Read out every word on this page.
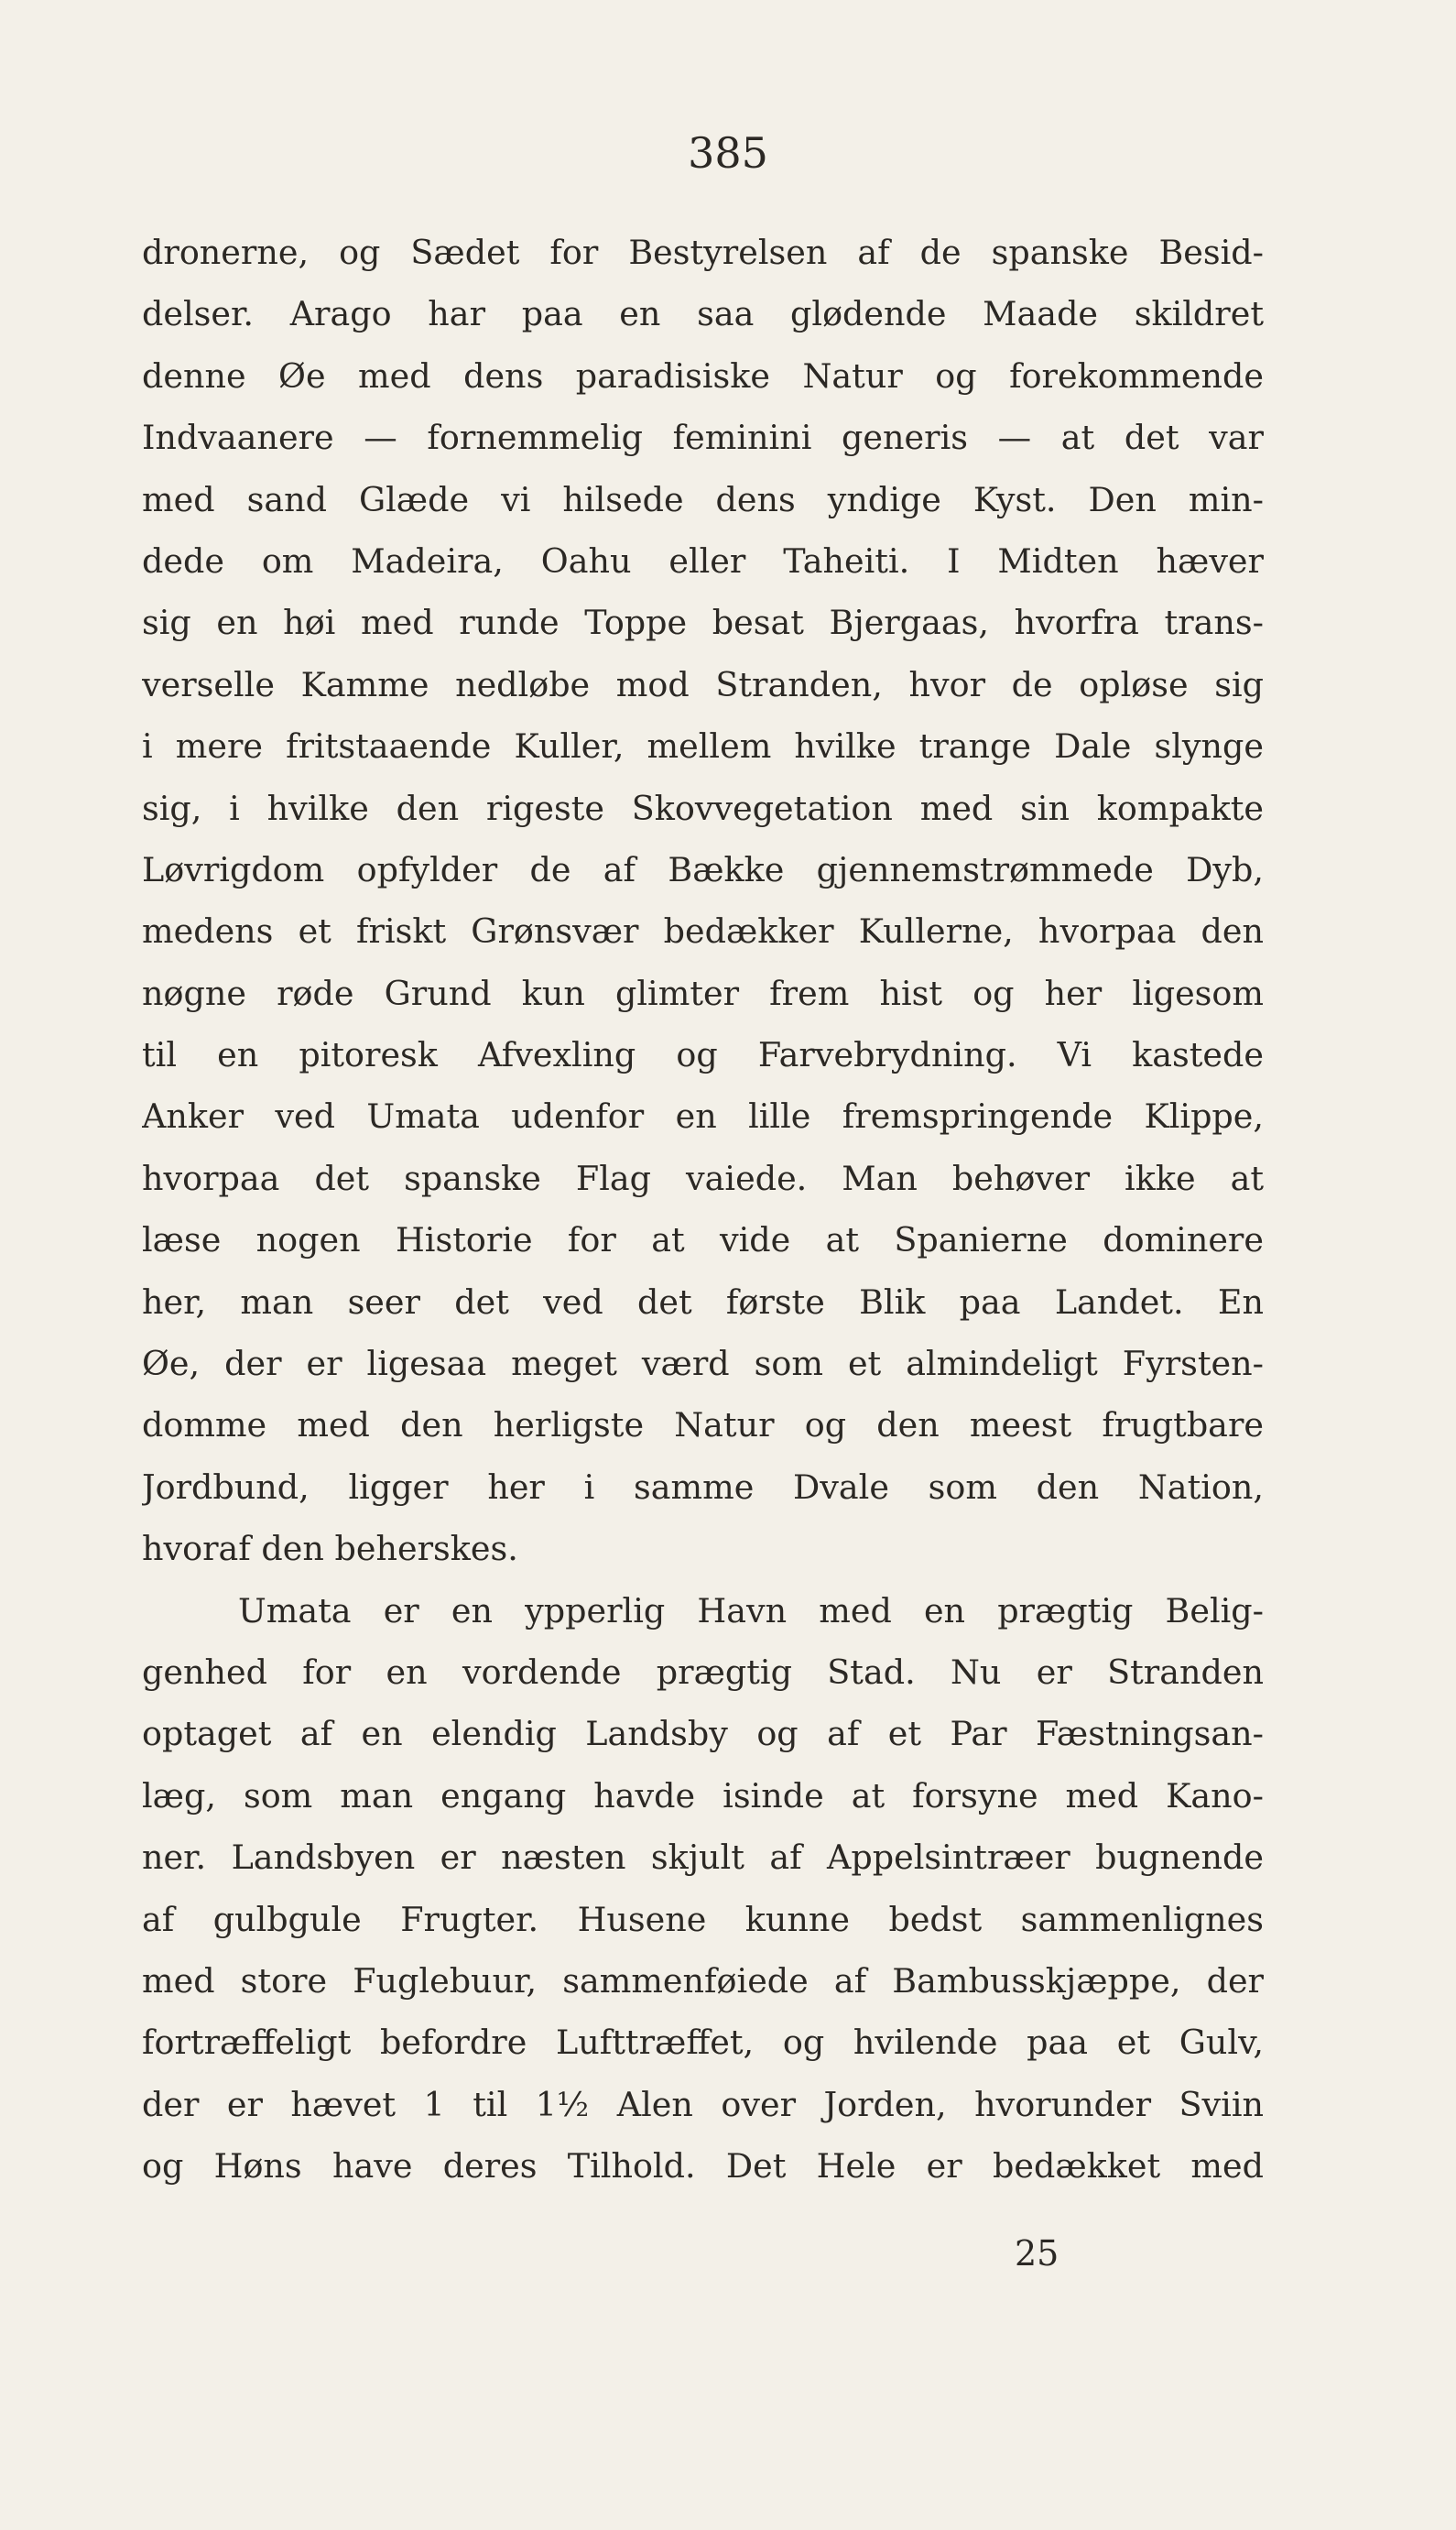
385
dronerne, og Sædet for Bestyrelsen af de spanske Besid-
delser. Arago har paa en saa glødende Maade skildret
denne Øe med dens paradisiske Natur og forekommende
Indvaanere — fornemmelig feminini generis — at det var
med sand Glæde vi hilsede dens yndige Kyst. Den min-
dede om Madeira, Oahu eller Taheiti. I Midten hæver
sig en høi med runde Toppe besat Bjergaas, hvorfra trans-
verselle Kamme nedløbe mod Stranden, hvor de opløse sig
i mere fritstaaende Kuller, mellem hvilke trange Dale slynge
sig, i hvilke den rigeste Skovvegetation med sin kompakte
Løvrigdom opfylder de af Bække gjennemstrømmede Dyb,
medens et friskt Grønsvær bedækker Kullerne, hvorpaa den
nøgne røde Grund kun glimter frem hist og her ligesom
til en pitoresk Afvexling og Farvebrydning. Vi kastede
Anker ved Umata udenfor en lille fremspringende Klippe,
hvorpaa det spanske Flag vaiede. Man behøver ikke at
læse nogen Historie for at vide at Spanierne dominere
her, man seer det ved det første Blik paa Landet. En
Øe, der er ligesaa meget værd som et almindeligt Fyrsten-
domme med den herligste Natur og den meest frugtbare
Jordbund, ligger her i samme Dvale som den Nation,
hvoraf den beherskes.
Umata er en ypperlig Havn med en prægtig Belig-
genhed for en vordende prægtig Stad. Nu er Stranden
optaget af en elendig Landsby og af et Par Fæstningsan-
læg, som man engang havde isinde at forsyne med Kano-
ner. Landsbyen er næsten skjult af Appelsintræer bugnende
af gulbgule Frugter. Husene kunne bedst sammenlignes
med store Fuglebuur, sammenføiede af Bambusskjæppe, der
fortræffeligt befordre Lufttræffet, og hvilende paa et Gulv,
der er hævet 1 til 1½ Alen over Jorden, hvorunder Sviin
og Høns have deres Tilhold. Det Hele er bedækket med
25
